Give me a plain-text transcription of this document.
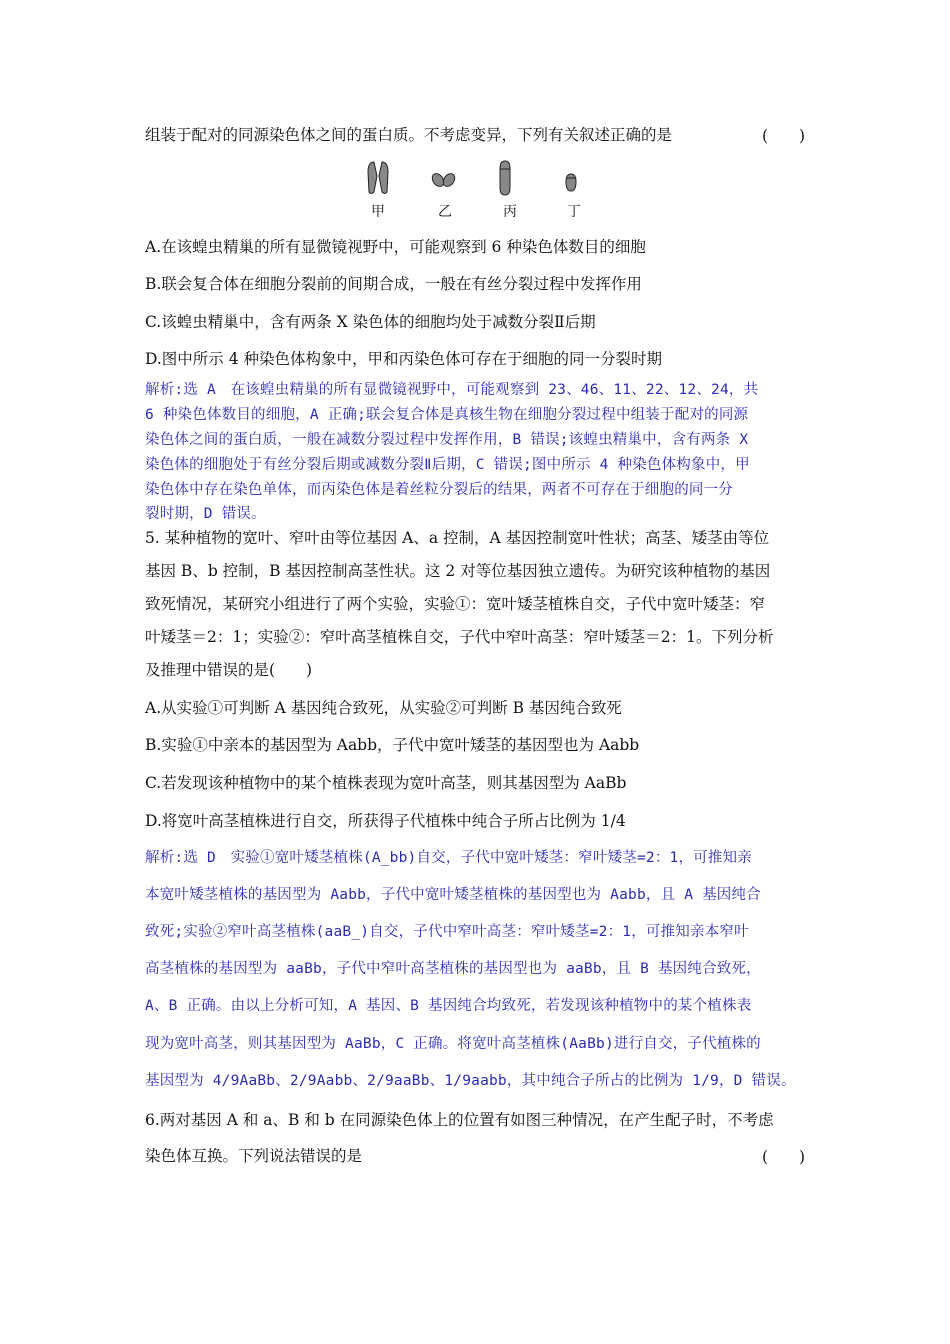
组装于配对的同源染色体之间的蛋白质。不考虑变异，下列有关叙述正确的是	(　　)
甲	乙	丙	丁
A.在该蝗虫精巢的所有显微镜视野中，可能观察到 6 种染色体数目的细胞
B.联会复合体在细胞分裂前的间期合成，一般在有丝分裂过程中发挥作用
C.该蝗虫精巢中，含有两条 X 染色体的细胞均处于减数分裂Ⅱ后期
D.图中所示 4 种染色体构象中，甲和丙染色体可存在于细胞的同一分裂时期
解析:选 A　在该蝗虫精巢的所有显微镜视野中，可能观察到 23、46、11、22、12、24，共
6 种染色体数目的细胞，A 正确;联会复合体是真核生物在细胞分裂过程中组装于配对的同源
染色体之间的蛋白质，一般在减数分裂过程中发挥作用，B 错误;该蝗虫精巢中，含有两条 X
染色体的细胞处于有丝分裂后期或减数分裂Ⅱ后期，C 错误;图中所示 4 种染色体构象中，甲
染色体中存在染色单体，而丙染色体是着丝粒分裂后的结果，两者不可存在于细胞的同一分
裂时期，D 错误。
5. 某种植物的宽叶、窄叶由等位基因 A、a 控制，A 基因控制宽叶性状；高茎、矮茎由等位
基因 B、b 控制，B 基因控制高茎性状。这 2 对等位基因独立遗传。为研究该种植物的基因
致死情况，某研究小组进行了两个实验，实验①：宽叶矮茎植株自交，子代中宽叶矮茎：窄
叶矮茎＝2：1；实验②：窄叶高茎植株自交，子代中窄叶高茎：窄叶矮茎＝2：1。下列分析
及推理中错误的是(　　)
A.从实验①可判断 A 基因纯合致死，从实验②可判断 B 基因纯合致死
B.实验①中亲本的基因型为 Aabb，子代中宽叶矮茎的基因型也为 Aabb
C.若发现该种植物中的某个植株表现为宽叶高茎，则其基因型为 AaBb
D.将宽叶高茎植株进行自交，所获得子代植株中纯合子所占比例为 1/4
解析:选 D　实验①宽叶矮茎植株(A_bb)自交，子代中宽叶矮茎：窄叶矮茎=2：1，可推知亲
本宽叶矮茎植株的基因型为 Aabb，子代中宽叶矮茎植株的基因型也为 Aabb，且 A 基因纯合
致死;实验②窄叶高茎植株(aaB_)自交，子代中窄叶高茎：窄叶矮茎=2：1，可推知亲本窄叶
高茎植株的基因型为 aaBb，子代中窄叶高茎植株的基因型也为 aaBb，且 B 基因纯合致死，
A、B 正确。由以上分析可知，A 基因、B 基因纯合均致死，若发现该种植物中的某个植株表
现为宽叶高茎，则其基因型为 AaBb，C 正确。将宽叶高茎植株(AaBb)进行自交，子代植株的
基因型为 4/9AaBb、2/9Aabb、2/9aaBb、1/9aabb，其中纯合子所占的比例为 1/9，D 错误。
6.两对基因 A 和 a、B 和 b 在同源染色体上的位置有如图三种情况，在产生配子时，不考虑
染色体互换。下列说法错误的是	(　　)
